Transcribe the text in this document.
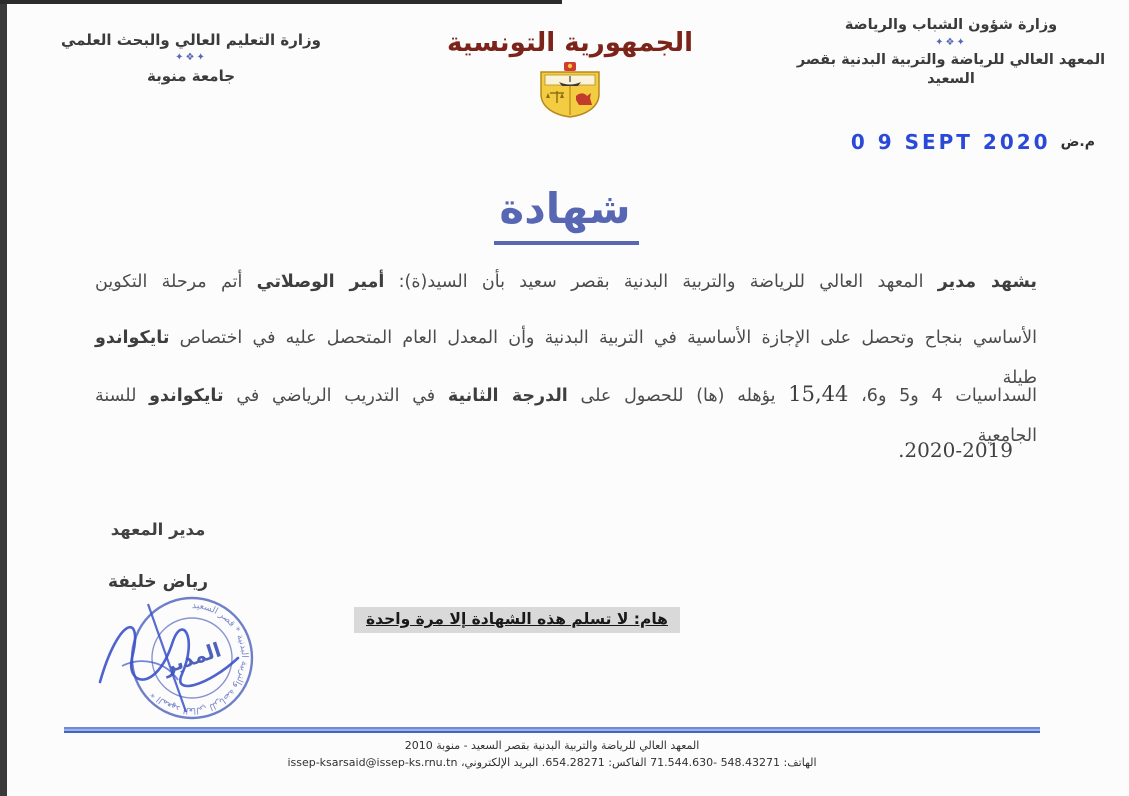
وزارة التعليم العالي والبحث العلمي
✦❖✦
جامعة منوبة
الجمهورية التونسية
وزارة شؤون الشباب والرياضة
✦❖✦
المعهد العالي للرياضة والتربية البدنية بقصر السعيد
0 9 SEPT 2020 م.ض
شهادة
يشهد مدير المعهد العالي للرياضة والتربية البدنية بقصر سعيد بأن السيد(ة): أمير الوصلاتي أتم مرحلة التكوين
الأساسي بنجاح وتحصل على الإجازة الأساسية في التربية البدنية وأن المعدل العام المتحصل عليه في اختصاص تايكواندو طيلة
السداسيات 4 و5 و6، 15,44 يؤهله (ها) للحصول على الدرجة الثانية في التدريب الرياضي في تايكواندو للسنة الجامعية
.2020-2019
مدير المعهد
رياض خليفة
المعهد العالي للرياضة والتربية البدنية * قصر السعيد *
المدير
هام: لا تسلم هذه الشهادة إلا مرة واحدة
المعهد العالي للرياضة والتربية البدنية بقصر السعيد - منوبة 2010
الهاتف: 548.43271 -71.544.630 الفاكس: 654.28271. البريد الإلكتروني، issep-ksarsaid@issep-ks.rnu.tn
